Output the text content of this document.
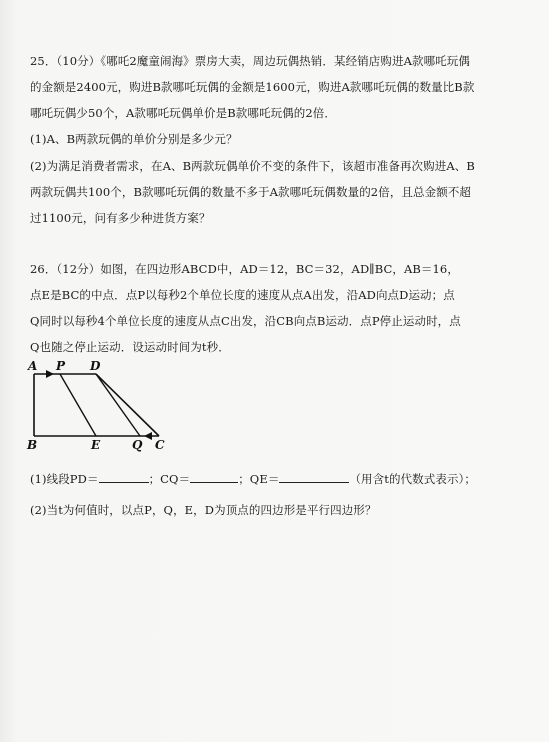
25．（10分）《哪吒2魔童闹海》票房大卖，周边玩偶热销．某经销店购进A款哪吒玩偶
的金额是2400元，购进B款哪吒玩偶的金额是1600元，购进A款哪吒玩偶的数量比B款
哪吒玩偶少50个，A款哪吒玩偶单价是B款哪吒玩偶的2倍．
(1)A、B两款玩偶的单价分别是多少元？
(2)为满足消费者需求，在A、B两款玩偶单价不变的条件下，该超市准备再次购进A、B
两款玩偶共100个，B款哪吒玩偶的数量不多于A款哪吒玩偶数量的2倍，且总金额不超
过1100元，问有多少种进货方案？
26．（12分）如图，在四边形ABCD中，AD＝12，BC＝32，AD∥BC，AB＝16，
点E是BC的中点．点P以每秒2个单位长度的速度从点A出发，沿AD向点D运动；点
Q同时以每秒4个单位长度的速度从点C出发，沿CB向点B运动．点P停止运动时，点
Q也随之停止运动．设运动时间为t秒．
A P D
B	E	Q C
(1)线段PD＝	；CQ＝	；QE＝	（用含t的代数式表示）；
(2)当t为何值时，以点P，Q，E，D为顶点的四边形是平行四边形？
